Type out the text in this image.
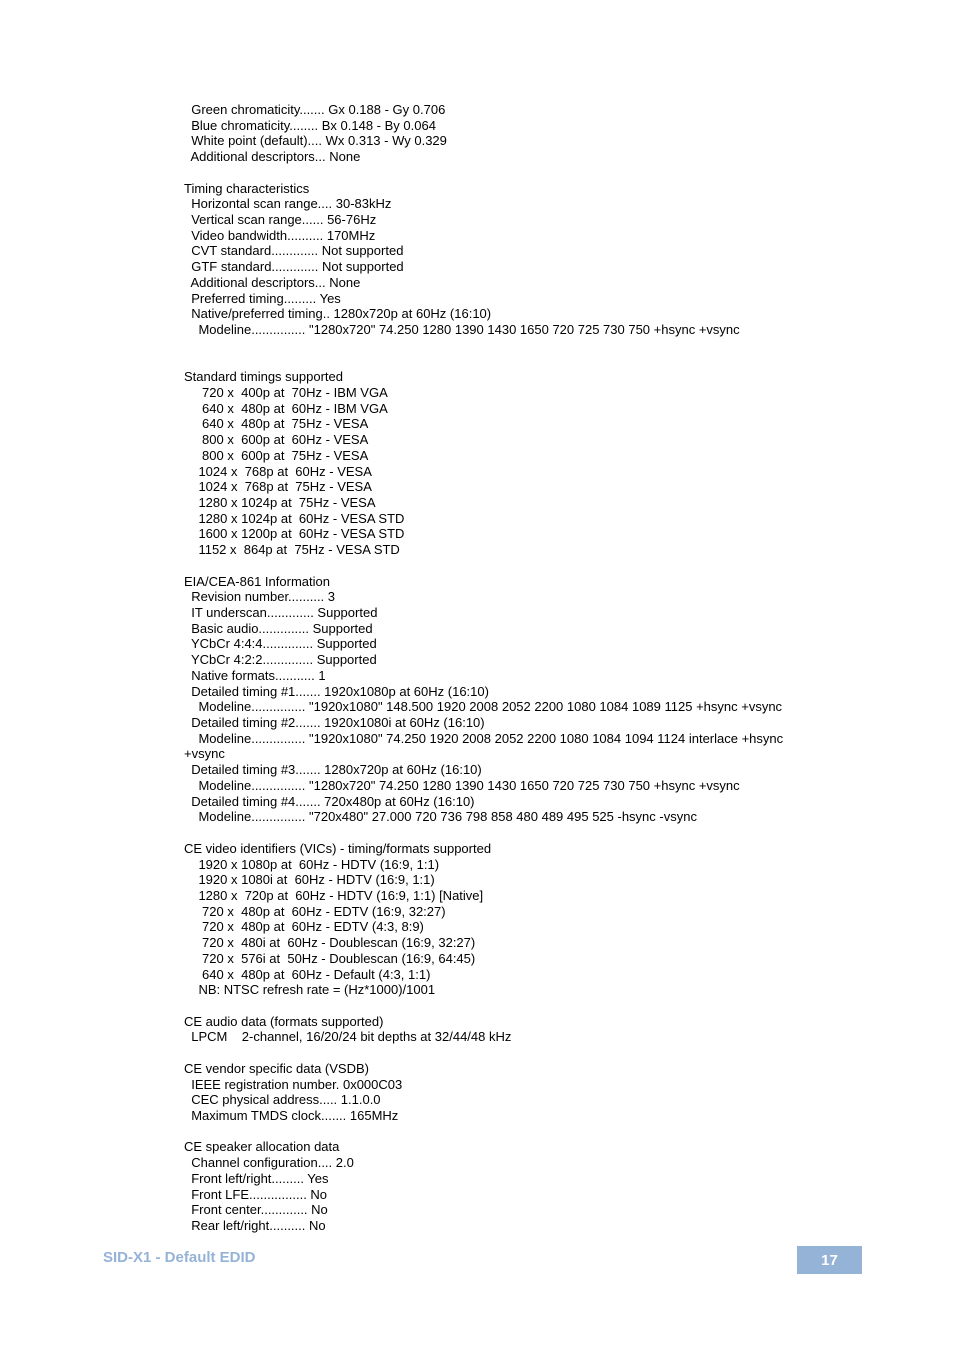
Green chromaticity....... Gx 0.188 - Gy 0.706
Blue chromaticity........ Bx 0.148 - By 0.064
White point (default).... Wx 0.313 - Wy 0.329
Additional descriptors... None
Timing characteristics
Horizontal scan range.... 30-83kHz
Vertical scan range...... 56-76Hz
Video bandwidth.......... 170MHz
CVT standard............. Not supported
GTF standard............. Not supported
Additional descriptors... None
Preferred timing......... Yes
Native/preferred timing.. 1280x720p at 60Hz (16:10)
Modeline............... "1280x720" 74.250 1280 1390 1430 1650 720 725 730 750 +hsync +vsync
Standard timings supported
720 x  400p at  70Hz - IBM VGA
640 x  480p at  60Hz - IBM VGA
640 x  480p at  75Hz - VESA
800 x  600p at  60Hz - VESA
800 x  600p at  75Hz - VESA
1024 x  768p at  60Hz - VESA
1024 x  768p at  75Hz - VESA
1280 x 1024p at  75Hz - VESA
1280 x 1024p at  60Hz - VESA STD
1600 x 1200p at  60Hz - VESA STD
1152 x  864p at  75Hz - VESA STD
EIA/CEA-861 Information
Revision number.......... 3
IT underscan............. Supported
Basic audio.............. Supported
YCbCr 4:4:4.............. Supported
YCbCr 4:2:2.............. Supported
Native formats........... 1
Detailed timing #1....... 1920x1080p at 60Hz (16:10)
Modeline............... "1920x1080" 148.500 1920 2008 2052 2200 1080 1084 1089 1125 +hsync +vsync
Detailed timing #2....... 1920x1080i at 60Hz (16:10)
Modeline............... "1920x1080" 74.250 1920 2008 2052 2200 1080 1084 1094 1124 interlace +hsync
+vsync
Detailed timing #3....... 1280x720p at 60Hz (16:10)
Modeline............... "1280x720" 74.250 1280 1390 1430 1650 720 725 730 750 +hsync +vsync
Detailed timing #4....... 720x480p at 60Hz (16:10)
Modeline............... "720x480" 27.000 720 736 798 858 480 489 495 525 -hsync -vsync
CE video identifiers (VICs) - timing/formats supported
1920 x 1080p at  60Hz - HDTV (16:9, 1:1)
1920 x 1080i at  60Hz - HDTV (16:9, 1:1)
1280 x  720p at  60Hz - HDTV (16:9, 1:1) [Native]
720 x  480p at  60Hz - EDTV (16:9, 32:27)
720 x  480p at  60Hz - EDTV (4:3, 8:9)
720 x  480i at  60Hz - Doublescan (16:9, 32:27)
720 x  576i at  50Hz - Doublescan (16:9, 64:45)
640 x  480p at  60Hz - Default (4:3, 1:1)
NB: NTSC refresh rate = (Hz*1000)/1001
CE audio data (formats supported)
LPCM    2-channel, 16/20/24 bit depths at 32/44/48 kHz
CE vendor specific data (VSDB)
IEEE registration number. 0x000C03
CEC physical address..... 1.1.0.0
Maximum TMDS clock....... 165MHz
CE speaker allocation data
Channel configuration.... 2.0
Front left/right......... Yes
Front LFE................ No
Front center............. No
Rear left/right.......... No
SID-X1 - Default EDID	17
